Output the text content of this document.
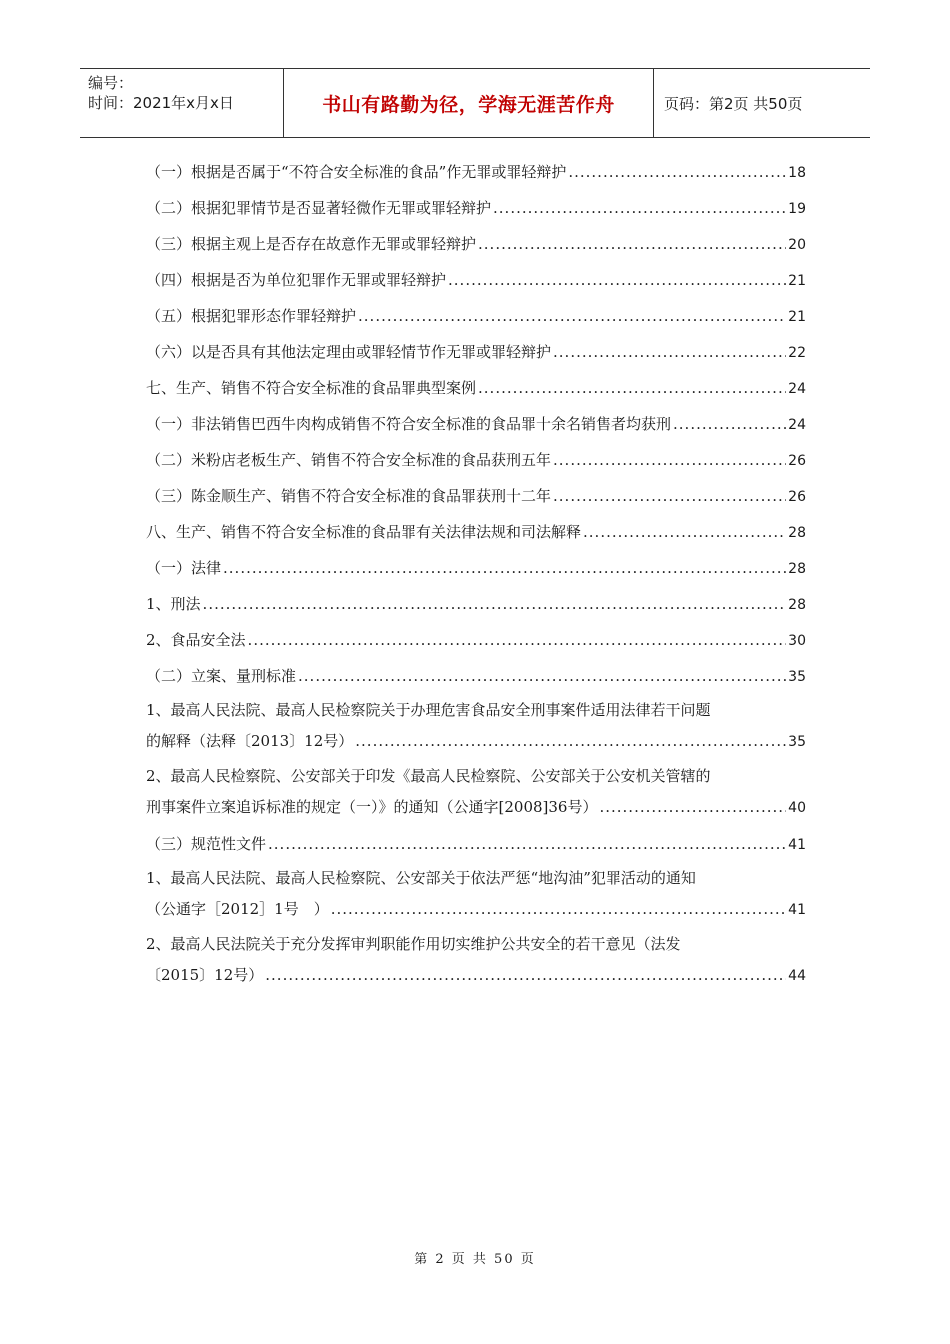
编号：
时间：2021年x月x日	书山有路勤为径，学海无涯苦作舟	页码：第2页 共50页
（一）根据是否属于“不符合安全标准的食品”作无罪或罪轻辩护 .....	18
（二）根据犯罪情节是否显著轻微作无罪或罪轻辩护 .....	19
（三）根据主观上是否存在故意作无罪或罪轻辩护 .....	20
（四）根据是否为单位犯罪作无罪或罪轻辩护 .....	21
（五）根据犯罪形态作罪轻辩护 .....	21
（六）以是否具有其他法定理由或罪轻情节作无罪或罪轻辩护 .....	22
七、生产、销售不符合安全标准的食品罪典型案例 .....	24
（一）非法销售巴西牛肉构成销售不符合安全标准的食品罪十余名销售者均获刑 .....	24
（二）米粉店老板生产、销售不符合安全标准的食品获刑五年 .....	26
（三）陈金顺生产、销售不符合安全标准的食品罪获刑十二年 .....	26
八、生产、销售不符合安全标准的食品罪有关法律法规和司法解释 .....	28
（一）法律 .....	28
1、刑法 .....	28
2、食品安全法 .....	30
（二）立案、量刑标准 .....	35
1、最高人民法院、最高人民检察院关于办理危害食品安全刑事案件适用法律若干问题
的解释（法释〔2013〕12号） .....	35
2、最高人民检察院、公安部关于印发《最高人民检察院、公安部关于公安机关管辖的
刑事案件立案追诉标准的规定（一）》的通知（公通字[2008]36号） .....	40
（三）规范性文件 .....	41
1、最高人民法院、最高人民检察院、公安部关于依法严惩“地沟油”犯罪活动的通知
（公通字［2012］1号　） .....	41
2、最高人民法院关于充分发挥审判职能作用切实维护公共安全的若干意见（法发
〔2015〕12号） .....	44
第 2 页 共 50 页
